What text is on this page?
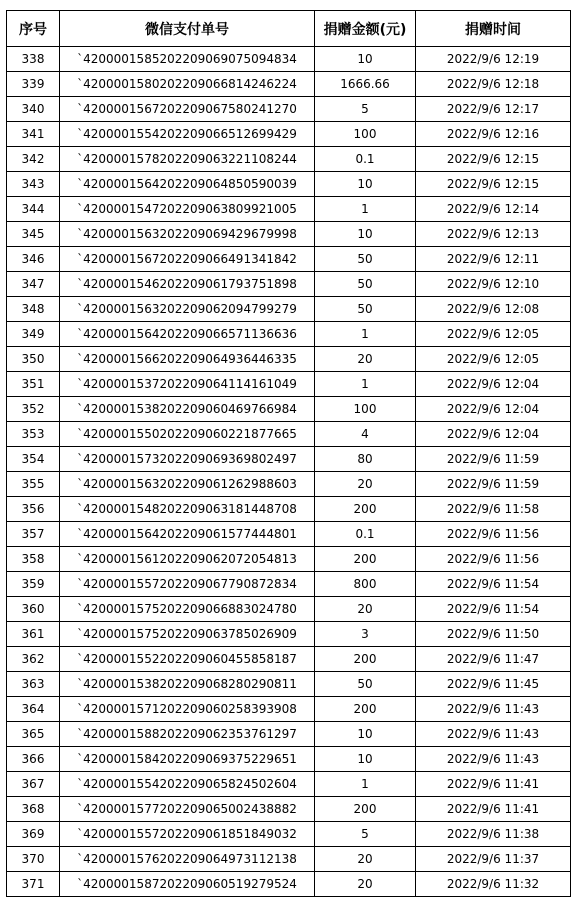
序号	微信支付单号	捐赠金额(元)	捐赠时间
338	`4200001585202209069075094834	10	2022/9/6 12:19
339	`4200001580202209066814246224	1666.66	2022/9/6 12:18
340	`4200001567202209067580241270	5	2022/9/6 12:17
341	`4200001554202209066512699429	100	2022/9/6 12:16
342	`4200001578202209063221108244	0.1	2022/9/6 12:15
343	`4200001564202209064850590039	10	2022/9/6 12:15
344	`4200001547202209063809921005	1	2022/9/6 12:14
345	`4200001563202209069429679998	10	2022/9/6 12:13
346	`4200001567202209066491341842	50	2022/9/6 12:11
347	`4200001546202209061793751898	50	2022/9/6 12:10
348	`4200001563202209062094799279	50	2022/9/6 12:08
349	`4200001564202209066571136636	1	2022/9/6 12:05
350	`4200001566202209064936446335	20	2022/9/6 12:05
351	`4200001537202209064114161049	1	2022/9/6 12:04
352	`4200001538202209060469766984	100	2022/9/6 12:04
353	`4200001550202209060221877665	4	2022/9/6 12:04
354	`4200001573202209069369802497	80	2022/9/6 11:59
355	`4200001563202209061262988603	20	2022/9/6 11:59
356	`4200001548202209063181448708	200	2022/9/6 11:58
357	`4200001564202209061577444801	0.1	2022/9/6 11:56
358	`4200001561202209062072054813	200	2022/9/6 11:56
359	`4200001557202209067790872834	800	2022/9/6 11:54
360	`4200001575202209066883024780	20	2022/9/6 11:54
361	`4200001575202209063785026909	3	2022/9/6 11:50
362	`4200001552202209060455858187	200	2022/9/6 11:47
363	`4200001538202209068280290811	50	2022/9/6 11:45
364	`4200001571202209060258393908	200	2022/9/6 11:43
365	`4200001588202209062353761297	10	2022/9/6 11:43
366	`4200001584202209069375229651	10	2022/9/6 11:43
367	`4200001554202209065824502604	1	2022/9/6 11:41
368	`4200001577202209065002438882	200	2022/9/6 11:41
369	`4200001557202209061851849032	5	2022/9/6 11:38
370	`4200001576202209064973112138	20	2022/9/6 11:37
371	`4200001587202209060519279524	20	2022/9/6 11:32
